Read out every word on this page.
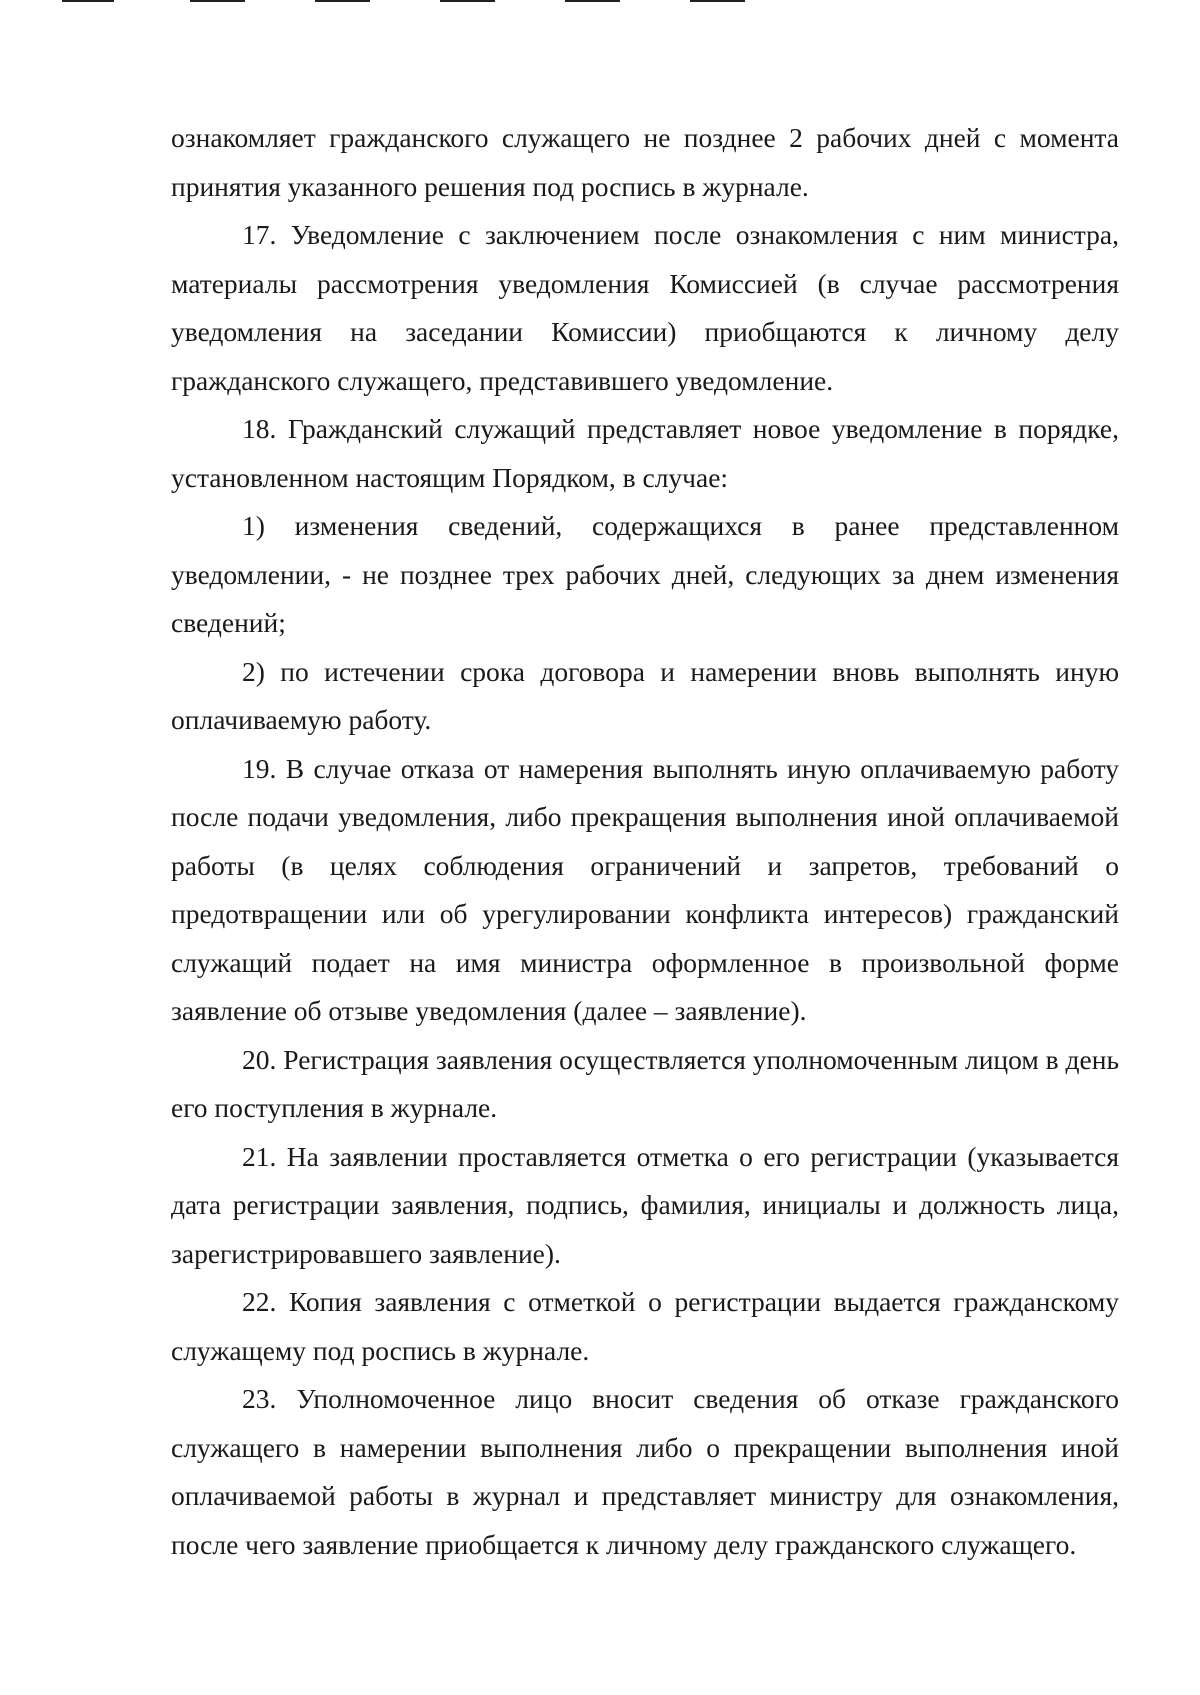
ознакомляет гражданского служащего не позднее 2 рабочих дней с момента принятия указанного решения под роспись в журнале.

17. Уведомление с заключением после ознакомления с ним министра, материалы рассмотрения уведомления Комиссией (в случае рассмотрения уведомления на заседании Комиссии) приобщаются к личному делу гражданского служащего, представившего уведомление.

18. Гражданский служащий представляет новое уведомление в порядке, установленном настоящим Порядком, в случае:

1) изменения сведений, содержащихся в ранее представленном уведомлении, - не позднее трех рабочих дней, следующих за днем изменения сведений;

2) по истечении срока договора и намерении вновь выполнять иную оплачиваемую работу.

19. В случае отказа от намерения выполнять иную оплачиваемую работу после подачи уведомления, либо прекращения выполнения иной оплачиваемой работы (в целях соблюдения ограничений и запретов, требований о предотвращении или об урегулировании конфликта интересов) гражданский служащий подает на имя министра оформленное в произвольной форме заявление об отзыве уведомления (далее – заявление).

20. Регистрация заявления осуществляется уполномоченным лицом в день его поступления в журнале.

21. На заявлении проставляется отметка о его регистрации (указывается дата регистрации заявления, подпись, фамилия, инициалы и должность лица, зарегистрировавшего заявление).

22. Копия заявления с отметкой о регистрации выдается гражданскому служащему под роспись в журнале.

23. Уполномоченное лицо вносит сведения об отказе гражданского служащего в намерении выполнения либо о прекращении выполнения иной оплачиваемой работы в журнал и представляет министру для ознакомления, после чего заявление приобщается к личному делу гражданского служащего.
